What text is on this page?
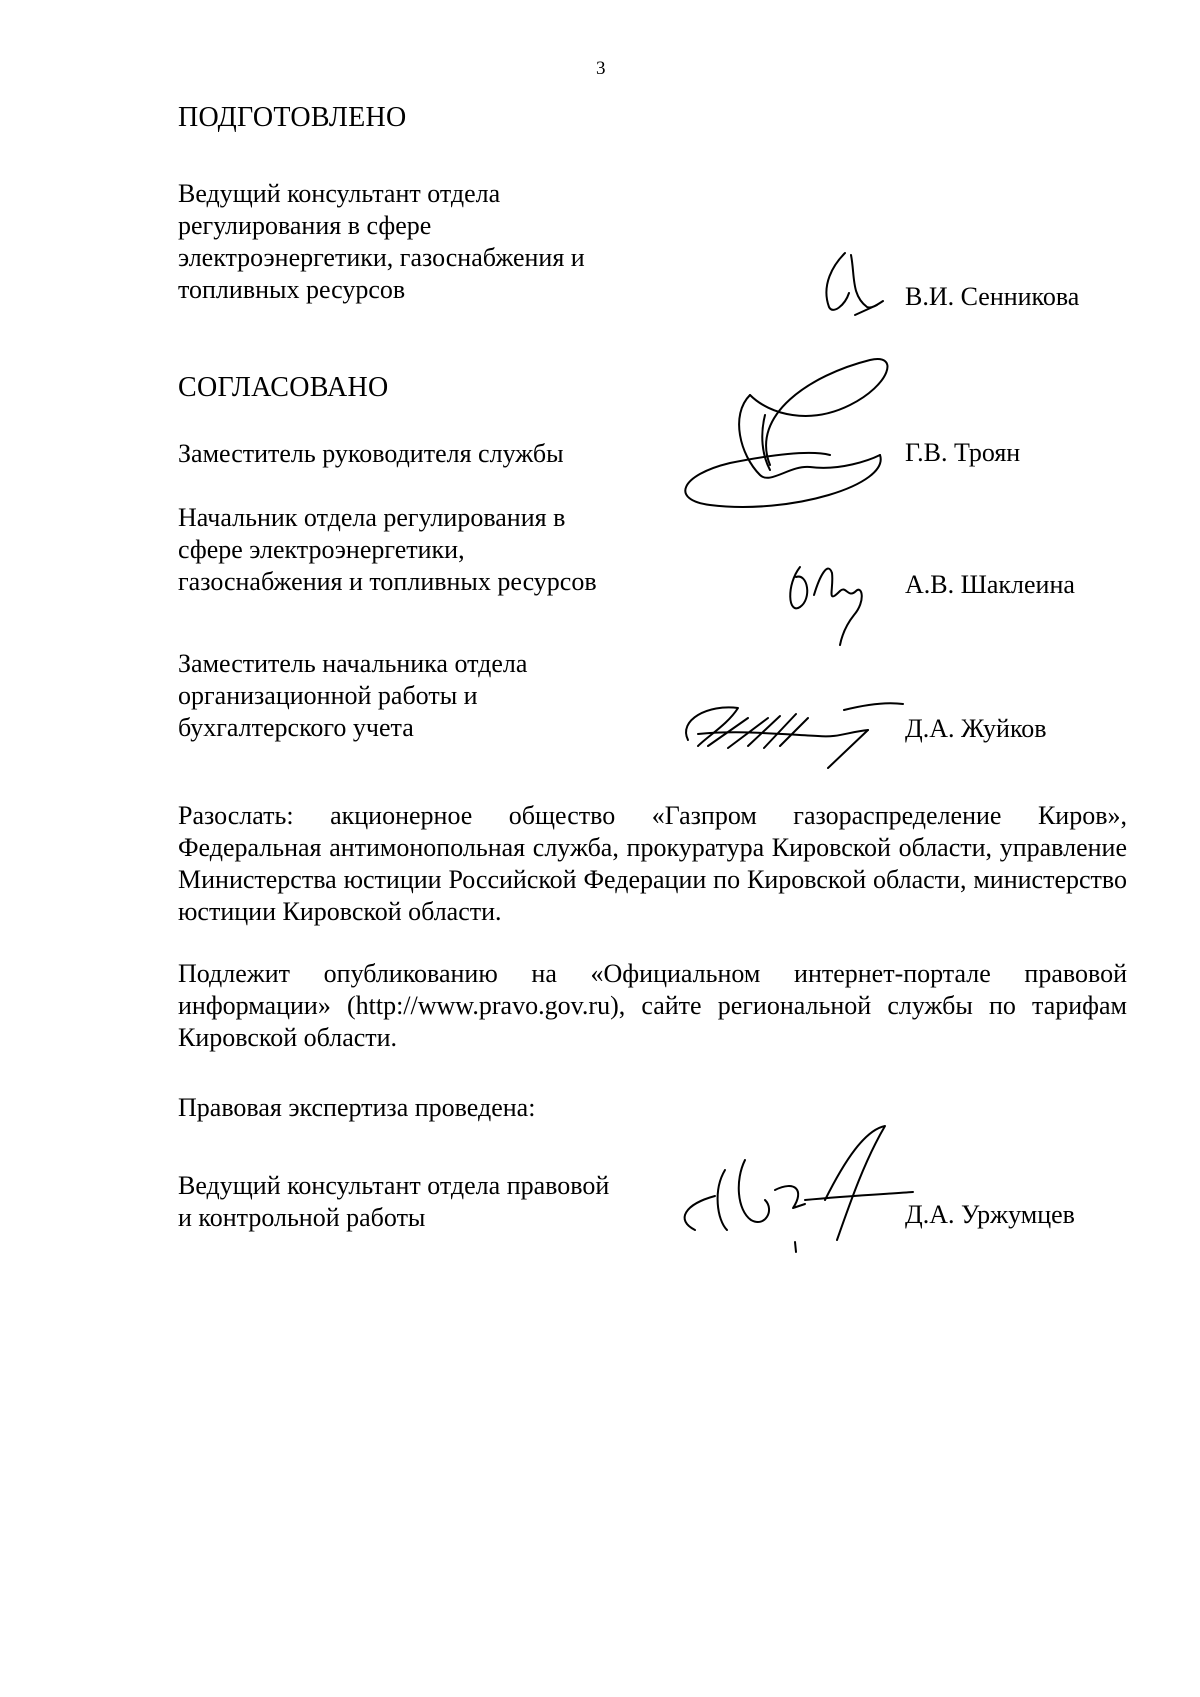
3
ПОДГОТОВЛЕНО
Ведущий консультант отдела
регулирования в сфере
электроэнергетики, газоснабжения и
топливных ресурсов	В.И. Сенникова
СОГЛАСОВАНО
Заместитель руководителя службы	Г.В. Троян
Начальник отдела регулирования в
сфере электроэнергетики,
газоснабжения и топливных ресурсов	А.В. Шаклеина
Заместитель начальника отдела
организационной работы и
бухгалтерского учета	Д.А. Жуйков
Разослать: акционерное общество «Газпром газораспределение Киров», Федеральная антимонопольная служба, прокуратура Кировской области, управление Министерства юстиции Российской Федерации по Кировской области, министерство юстиции Кировской области.
Подлежит опубликованию на «Официальном интернет-портале правовой информации» (http://www.pravo.gov.ru), сайте региональной службы по тарифам Кировской области.
Правовая экспертиза проведена:
Ведущий консультант отдела правовой
и контрольной работы	Д.А. Уржумцев
